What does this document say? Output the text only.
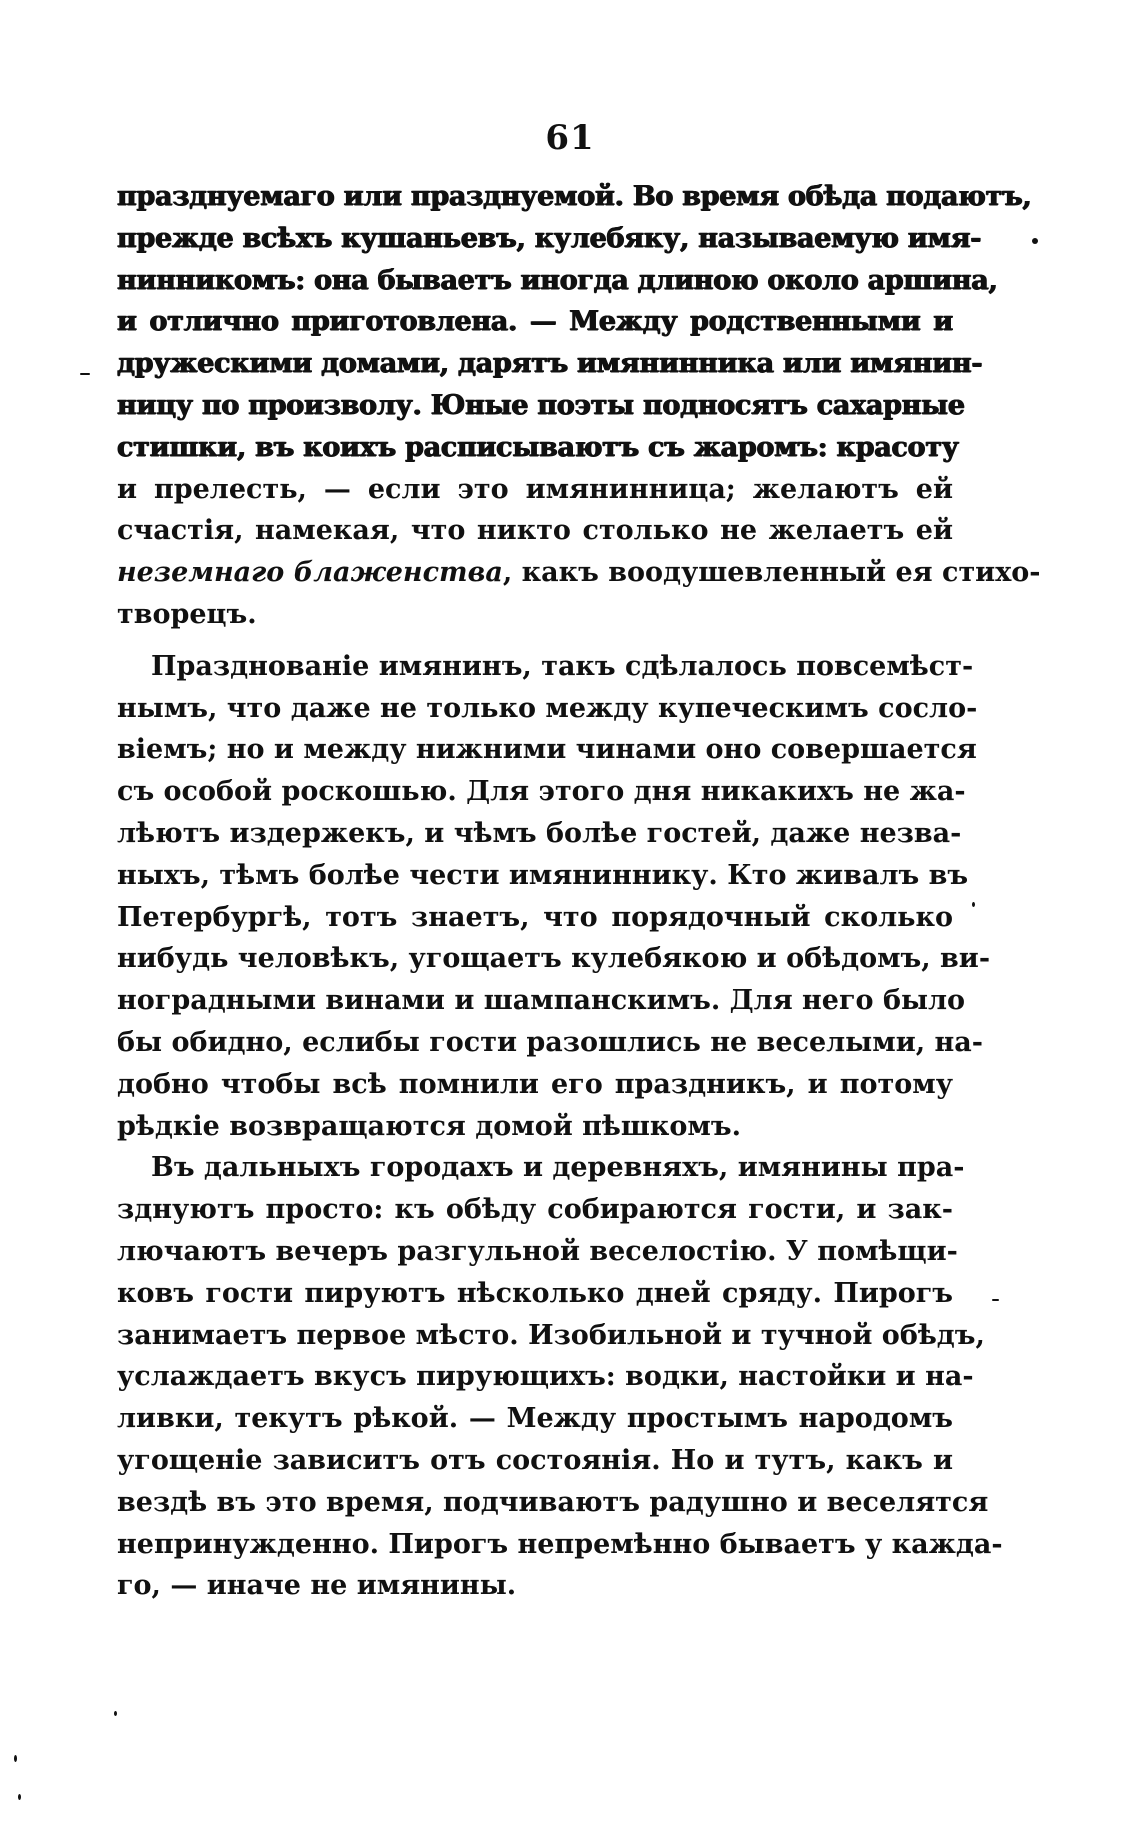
61
празднуемаго или празднуемой. Во время обѣда подаютъ,
прежде всѣхъ кушаньевъ, кулебяку, называемую имя-
нинникомъ: она бываетъ иногда длиною около аршина,
и отлично приготовлена. — Между родственными и
дружескими домами, дарятъ имянинника или имянин-
ницу по произволу. Юные поэты подносятъ сахарные
стишки, въ коихъ расписываютъ съ жаромъ: красоту
и прелесть, — если это имянинница; желаютъ ей
счастія, намекая, что никто столько не желаетъ ей
неземнаго блаженства, какъ воодушевленный ея стихо-
творецъ.
Празднованіе имянинъ, такъ сдѣлалось повсемѣст-
нымъ, что даже не только между купеческимъ сосло-
віемъ; но и между нижними чинами оно совершается
съ особой роскошью. Для этого дня никакихъ не жа-
лѣютъ издержекъ, и чѣмъ болѣе гостей, даже незва-
ныхъ, тѣмъ болѣе чести имяниннику. Кто живалъ въ
Петербургѣ, тотъ знаетъ, что порядочный сколько
нибудь человѣкъ, угощаетъ кулебякою и обѣдомъ, ви-
ноградными винами и шампанскимъ. Для него было
бы обидно, еслибы гости разошлись не веселыми, на-
добно чтобы всѣ помнили его праздникъ, и потому
рѣдкіе возвращаются домой пѣшкомъ.
Въ дальныхъ городахъ и деревняхъ, имянины пра-
зднуютъ просто: къ обѣду собираются гости, и зак-
лючаютъ вечеръ разгульной веселостію. У помѣщи-
ковъ гости пируютъ нѣсколько дней сряду. Пирогъ
занимаетъ первое мѣсто. Изобильной и тучной обѣдъ,
услаждаетъ вкусъ пирующихъ: водки, настойки и на-
ливки, текутъ рѣкой. — Между простымъ народомъ
угощеніе зависитъ отъ состоянія. Но и тутъ, какъ и
вездѣ въ это время, подчиваютъ радушно и веселятся
непринужденно. Пирогъ непремѣнно бываетъ у кажда-
го, — иначе не имянины.
